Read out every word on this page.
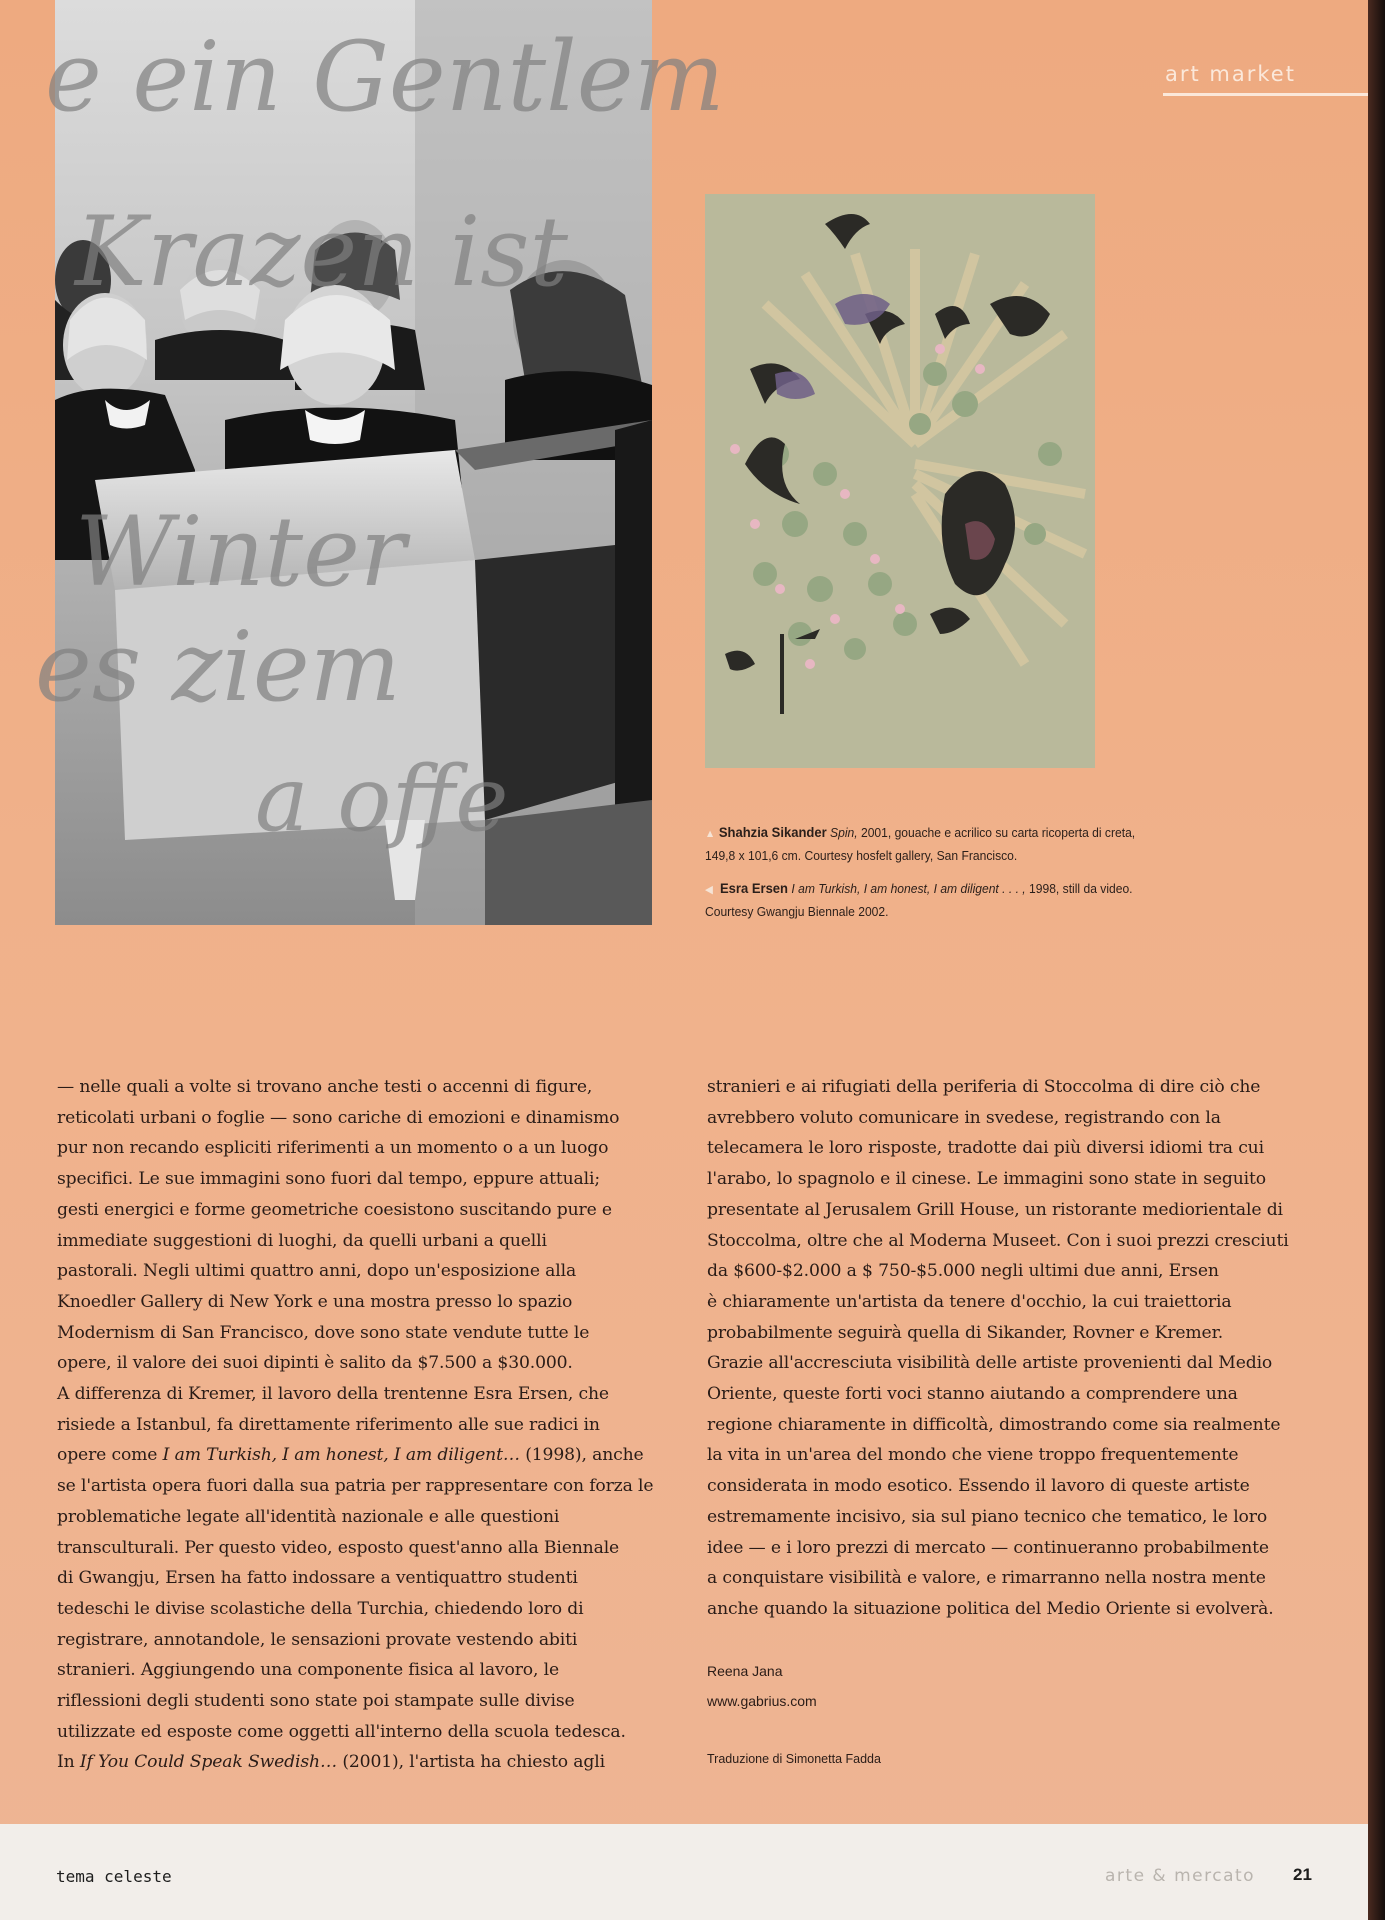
art market
e ein Gentlem
Krazen ist
Winter
es ziem
a offe	▲ Shahzia Sikander Spin, 2001, gouache e acrilico su carta ricoperta di creta,
149,8 x 101,6 cm. Courtesy hosfelt gallery, San Francisco.
◀ Esra Ersen I am Turkish, I am honest, I am diligent . . . , 1998, still da video.
Courtesy Gwangju Biennale 2002.
— nelle quali a volte si trovano anche testi o accenni di figure,
reticolati urbani o foglie — sono cariche di emozioni e dinamismo
pur non recando espliciti riferimenti a un momento o a un luogo
specifici. Le sue immagini sono fuori dal tempo, eppure attuali;
gesti energici e forme geometriche coesistono suscitando pure e
immediate suggestioni di luoghi, da quelli urbani a quelli
pastorali. Negli ultimi quattro anni, dopo un'esposizione alla
Knoedler Gallery di New York e una mostra presso lo spazio
Modernism di San Francisco, dove sono state vendute tutte le
opere, il valore dei suoi dipinti è salito da $7.500 a $30.000.
A differenza di Kremer, il lavoro della trentenne Esra Ersen, che
risiede a Istanbul, fa direttamente riferimento alle sue radici in
opere come I am Turkish, I am honest, I am diligent… (1998), anche
se l'artista opera fuori dalla sua patria per rappresentare con forza le
problematiche legate all'identità nazionale e alle questioni
transculturali. Per questo video, esposto quest'anno alla Biennale
di Gwangju, Ersen ha fatto indossare a ventiquattro studenti
tedeschi le divise scolastiche della Turchia, chiedendo loro di
registrare, annotandole, le sensazioni provate vestendo abiti
stranieri. Aggiungendo una componente fisica al lavoro, le
riflessioni degli studenti sono state poi stampate sulle divise
utilizzate ed esposte come oggetti all'interno della scuola tedesca.
In If You Could Speak Swedish… (2001), l'artista ha chiesto agli
stranieri e ai rifugiati della periferia di Stoccolma di dire ciò che
avrebbero voluto comunicare in svedese, registrando con la
telecamera le loro risposte, tradotte dai più diversi idiomi tra cui
l'arabo, lo spagnolo e il cinese. Le immagini sono state in seguito
presentate al Jerusalem Grill House, un ristorante mediorientale di
Stoccolma, oltre che al Moderna Museet. Con i suoi prezzi cresciuti
da $600-$2.000 a $ 750-$5.000 negli ultimi due anni, Ersen
è chiaramente un'artista da tenere d'occhio, la cui traiettoria
probabilmente seguirà quella di Sikander, Rovner e Kremer.
Grazie all'accresciuta visibilità delle artiste provenienti dal Medio
Oriente, queste forti voci stanno aiutando a comprendere una
regione chiaramente in difficoltà, dimostrando come sia realmente
la vita in un'area del mondo che viene troppo frequentemente
considerata in modo esotico. Essendo il lavoro di queste artiste
estremamente incisivo, sia sul piano tecnico che tematico, le loro
idee — e i loro prezzi di mercato — continueranno probabilmente
a conquistare visibilità e valore, e rimarranno nella nostra mente
anche quando la situazione politica del Medio Oriente si evolverà.
Reena Jana
www.gabrius.com
Traduzione di Simonetta Fadda
tema celeste	arte & mercato 21
